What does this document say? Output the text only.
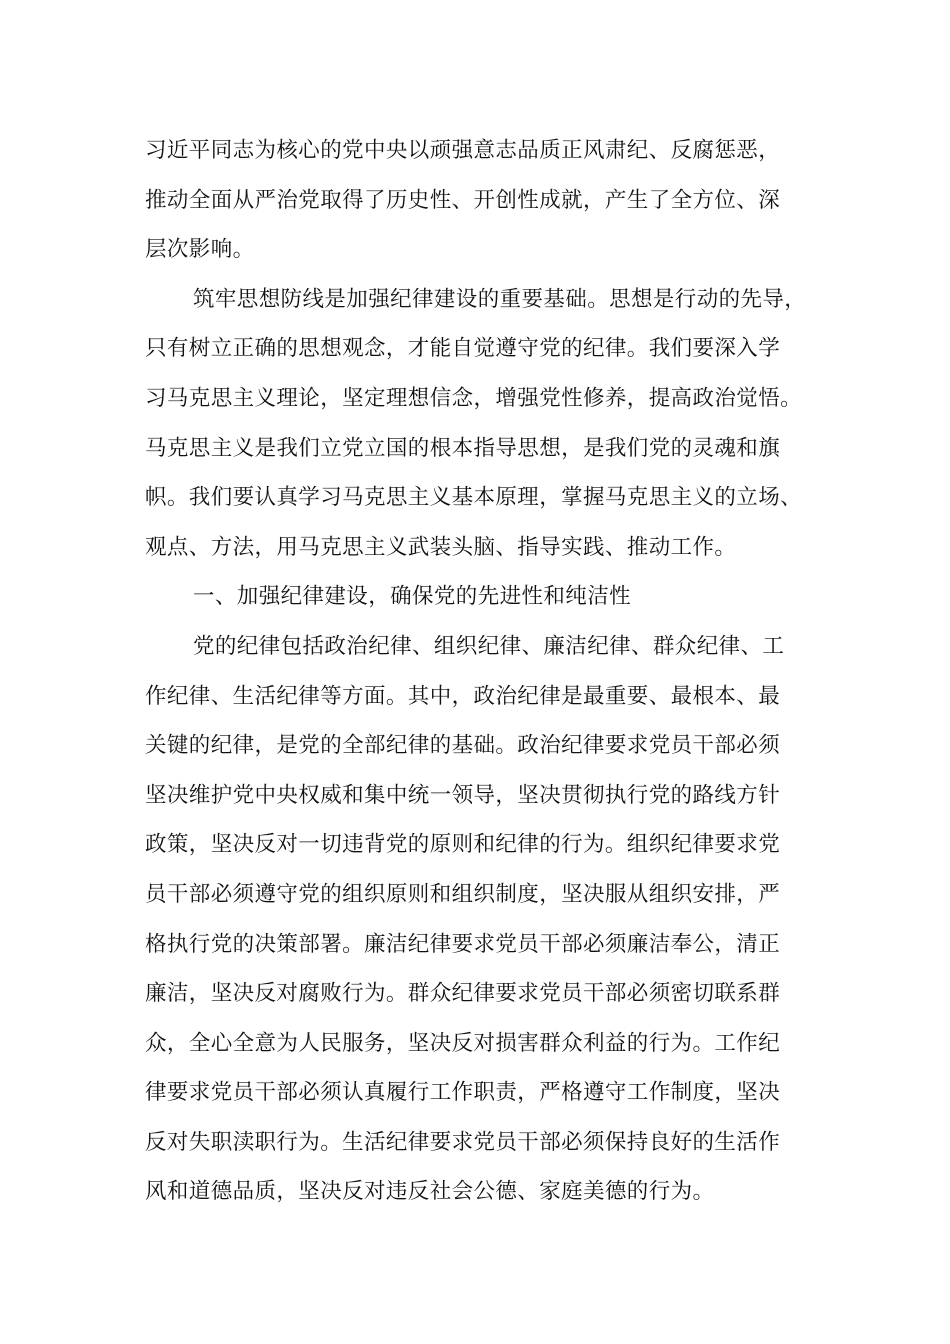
习近平同志为核心的党中央以顽强意志品质正风肃纪、反腐惩恶，
推动全面从严治党取得了历史性、开创性成就，产生了全方位、深
层次影响。
筑牢思想防线是加强纪律建设的重要基础。思想是行动的先导，
只有树立正确的思想观念，才能自觉遵守党的纪律。我们要深入学
习马克思主义理论，坚定理想信念，增强党性修养，提高政治觉悟。
马克思主义是我们立党立国的根本指导思想，是我们党的灵魂和旗
帜。我们要认真学习马克思主义基本原理，掌握马克思主义的立场、
观点、方法，用马克思主义武装头脑、指导实践、推动工作。
一、加强纪律建设，确保党的先进性和纯洁性
党的纪律包括政治纪律、组织纪律、廉洁纪律、群众纪律、工
作纪律、生活纪律等方面。其中，政治纪律是最重要、最根本、最
关键的纪律，是党的全部纪律的基础。政治纪律要求党员干部必须
坚决维护党中央权威和集中统一领导，坚决贯彻执行党的路线方针
政策，坚决反对一切违背党的原则和纪律的行为。组织纪律要求党
员干部必须遵守党的组织原则和组织制度，坚决服从组织安排，严
格执行党的决策部署。廉洁纪律要求党员干部必须廉洁奉公，清正
廉洁，坚决反对腐败行为。群众纪律要求党员干部必须密切联系群
众，全心全意为人民服务，坚决反对损害群众利益的行为。工作纪
律要求党员干部必须认真履行工作职责，严格遵守工作制度，坚决
反对失职渎职行为。生活纪律要求党员干部必须保持良好的生活作
风和道德品质，坚决反对违反社会公德、家庭美德的行为。
